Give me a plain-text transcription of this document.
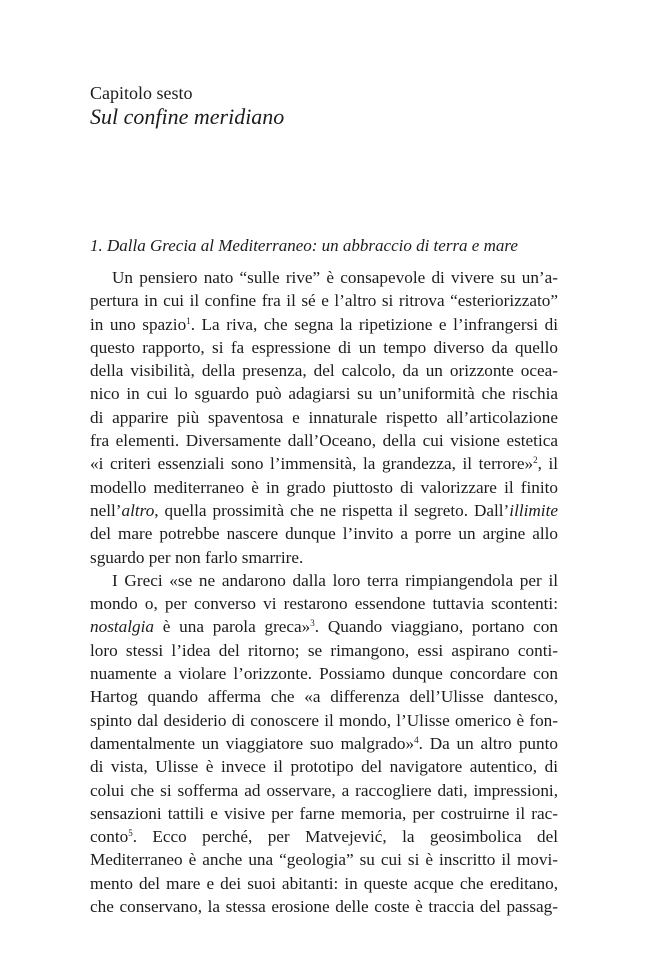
Capitolo sesto

Sul confine meridiano
1. Dalla Grecia al Mediterraneo: un abbraccio di terra e mare
Un pensiero nato “sulle rive” è consapevole di vivere su un’a-
pertura in cui il confine fra il sé e l’altro si ritrova “esteriorizzato”
in uno spazio$^1$. La riva, che segna la ripetizione e l’infrangersi di
questo rapporto, si fa espressione di un tempo diverso da quello
della visibilità, della presenza, del calcolo, da un orizzonte ocea-
nico in cui lo sguardo può adagiarsi su un’uniformità che rischia
di apparire più spaventosa e innaturale rispetto all’articolazione
fra elementi. Diversamente dall’Oceano, della cui visione estetica
«i criteri essenziali sono l’immensità, la grandezza, il terrore»$^2$, il
modello mediterraneo è in grado piuttosto di valorizzare il finito
nell’altro, quella prossimità che ne rispetta il segreto. Dall’illimite
del mare potrebbe nascere dunque l’invito a porre un argine allo
sguardo per non farlo smarrire.
I Greci «se ne andarono dalla loro terra rimpiangendola per il
mondo o, per converso vi restarono essendone tuttavia scontenti:
nostalgia è una parola greca»$^3$. Quando viaggiano, portano con
loro stessi l’idea del ritorno; se rimangono, essi aspirano conti-
nuamente a violare l’orizzonte. Possiamo dunque concordare con
Hartog quando afferma che «a differenza dell’Ulisse dantesco,
spinto dal desiderio di conoscere il mondo, l’Ulisse omerico è fon-
damentalmente un viaggiatore suo malgrado»$^4$. Da un altro punto
di vista, Ulisse è invece il prototipo del navigatore autentico, di
colui che si sofferma ad osservare, a raccogliere dati, impressioni,
sensazioni tattili e visive per farne memoria, per costruirne il rac-
conto$^5$. Ecco perché, per Matvejević, la geosimbolica del
Mediterraneo è anche una “geologia” su cui si è inscritto il movi-
mento del mare e dei suoi abitanti: in queste acque che ereditano,
che conservano, la stessa erosione delle coste è traccia del passag-
